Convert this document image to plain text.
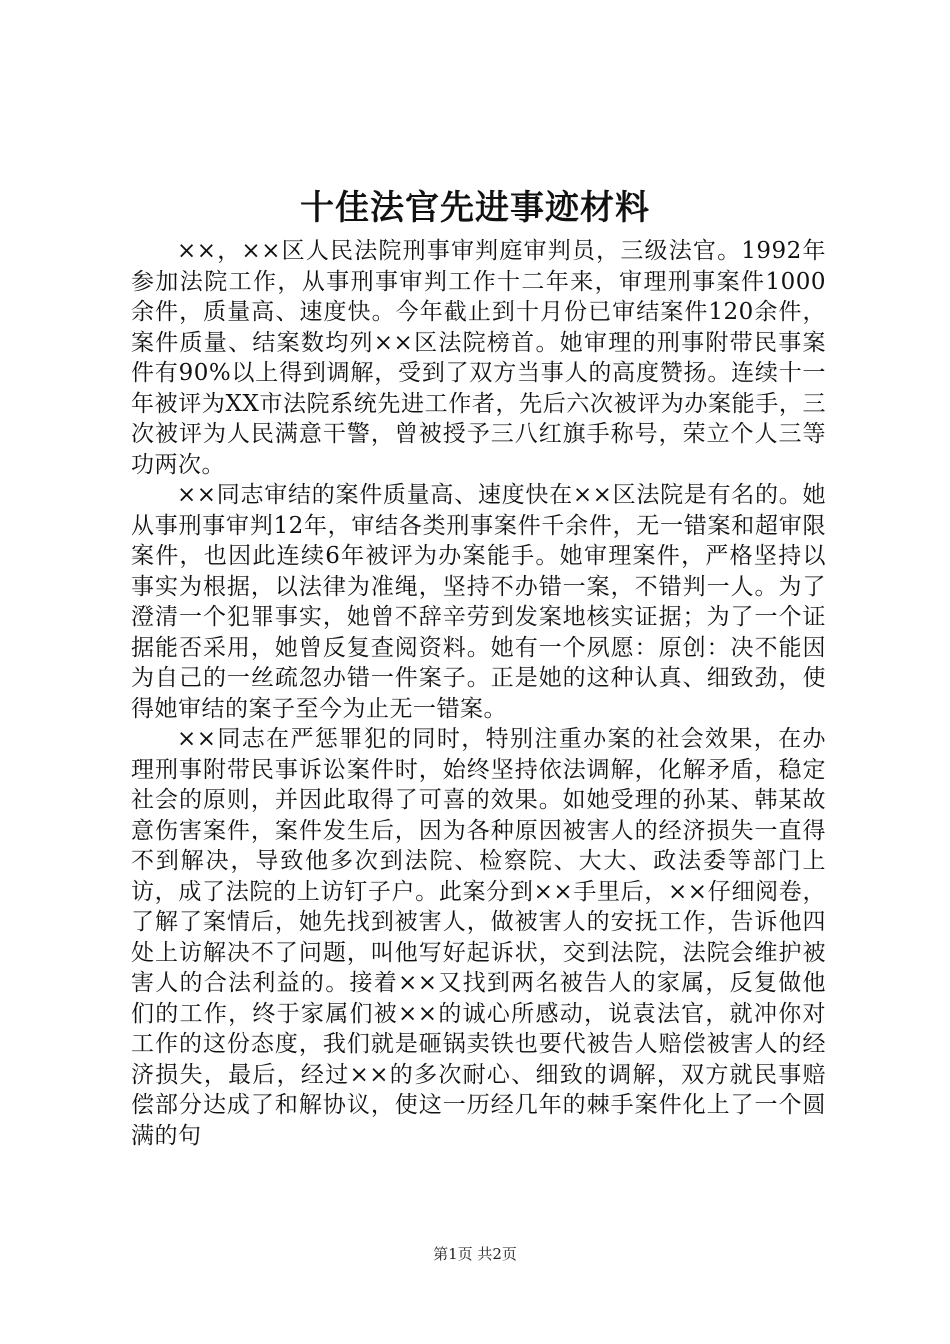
十佳法官先进事迹材料

××，××区人民法院刑事审判庭审判员，三级法官。1992年参加法院工作，从事刑事审判工作十二年来，审理刑事案件1000余件，质量高、速度快。今年截止到十月份已审结案件120余件，案件质量、结案数均列××区法院榜首。她审理的刑事附带民事案件有90%以上得到调解，受到了双方当事人的高度赞扬。连续十一年被评为XX市法院系统先进工作者，先后六次被评为办案能手，三次被评为人民满意干警，曾被授予三八红旗手称号，荣立个人三等功两次。

××同志审结的案件质量高、速度快在××区法院是有名的。她从事刑事审判12年，审结各类刑事案件千余件，无一错案和超审限案件，也因此连续6年被评为办案能手。她审理案件，严格坚持以事实为根据，以法律为准绳，坚持不办错一案，不错判一人。为了澄清一个犯罪事实，她曾不辞辛劳到发案地核实证据；为了一个证据能否采用，她曾反复查阅资料。她有一个夙愿：原创：决不能因为自己的一丝疏忽办错一件案子。正是她的这种认真、细致劲，使得她审结的案子至今为止无一错案。

××同志在严惩罪犯的同时，特别注重办案的社会效果，在办理刑事附带民事诉讼案件时，始终坚持依法调解，化解矛盾，稳定社会的原则，并因此取得了可喜的效果。如她受理的孙某、韩某故意伤害案件，案件发生后，因为各种原因被害人的经济损失一直得不到解决，导致他多次到法院、检察院、大大、政法委等部门上访，成了法院的上访钉子户。此案分到××手里后，××仔细阅卷，了解了案情后，她先找到被害人，做被害人的安抚工作，告诉他四处上访解决不了问题，叫他写好起诉状，交到法院，法院会维护被害人的合法利益的。接着××又找到两名被告人的家属，反复做他们的工作，终于家属们被××的诚心所感动，说袁法官，就冲你对工作的这份态度，我们就是砸锅卖铁也要代被告人赔偿被害人的经济损失，最后，经过××的多次耐心、细致的调解，双方就民事赔偿部分达成了和解协议，使这一历经几年的棘手案件化上了一个圆满的句

第1页 共2页
